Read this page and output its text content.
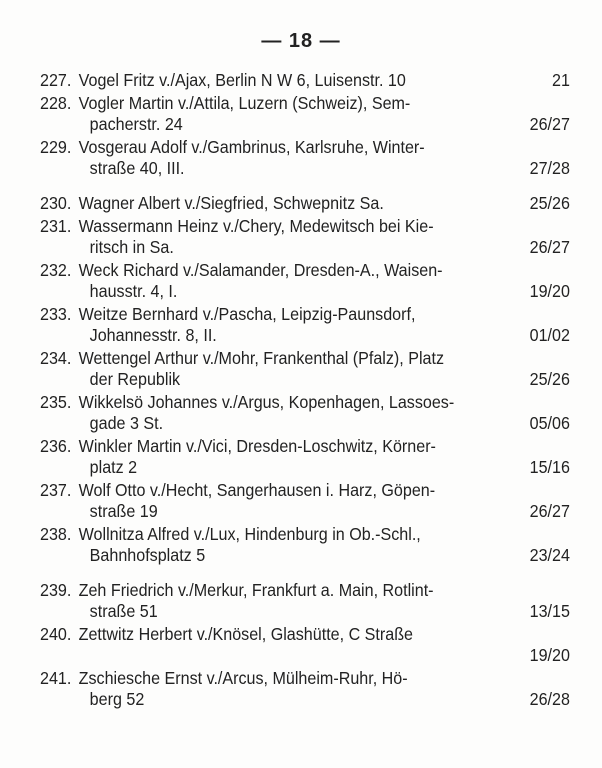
— 18 —
227. Vogel Fritz v./Ajax, Berlin N W 6, Luisenstr. 10	21
228. Vogler Martin v./Attila, Luzern (Schweiz), Sem-
pacherstr. 24	26/27
229. Vosgerau Adolf v./Gambrinus, Karlsruhe, Winter-
straße 40, III.	27/28
230. Wagner Albert v./Siegfried, Schwepnitz Sa.	25/26
231. Wassermann Heinz v./Chery, Medewitsch bei Kie-
ritsch in Sa.	26/27
232. Weck Richard v./Salamander, Dresden-A., Waisen-
hausstr. 4, I.	19/20
233. Weitze Bernhard v./Pascha, Leipzig-Paunsdorf,
Johannesstr. 8, II.	01/02
234. Wettengel Arthur v./Mohr, Frankenthal (Pfalz), Platz
der Republik	25/26
235. Wikkelsö Johannes v./Argus, Kopenhagen, Lassoes-
gade 3 St.	05/06
236. Winkler Martin v./Vici, Dresden-Loschwitz, Körner-
platz 2	15/16
237. Wolf Otto v./Hecht, Sangerhausen i. Harz, Göpen-
straße 19	26/27
238. Wollnitza Alfred v./Lux, Hindenburg in Ob.-Schl.,
Bahnhofsplatz 5	23/24
239. Zeh Friedrich v./Merkur, Frankfurt a. Main, Rotlint-
straße 51	13/15
240. Zettwitz Herbert v./Knösel, Glashütte, C Straße
19/20
241. Zschiesche Ernst v./Arcus, Mülheim-Ruhr, Hö-
berg 52	26/28
